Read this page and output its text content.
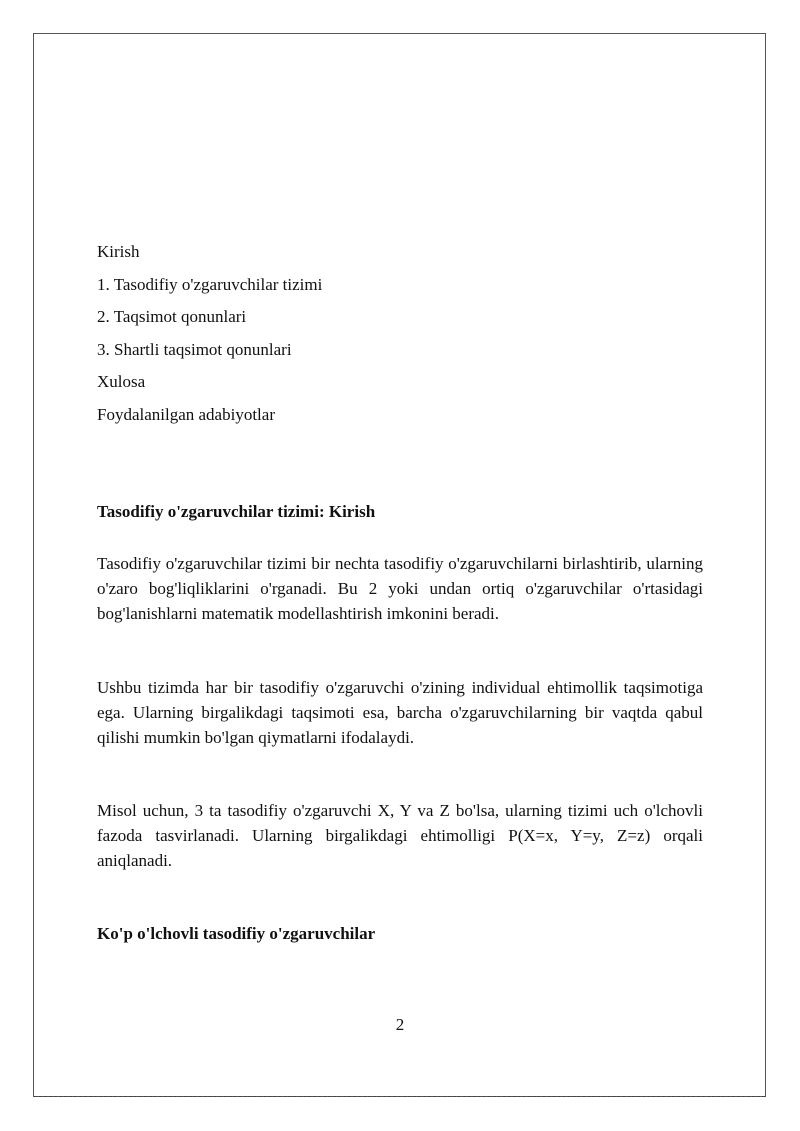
Kirish
1. Tasodifiy o'zgaruvchilar tizimi
2. Taqsimot qonunlari
3. Shartli taqsimot qonunlari
Xulosa
Foydalanilgan adabiyotlar
Tasodifiy o'zgaruvchilar tizimi: Kirish
Tasodifiy o'zgaruvchilar tizimi bir nechta tasodifiy o'zgaruvchilarni birlashtirib, ularning o'zaro bog'liqliklarini o'rganadi. Bu 2 yoki undan ortiq o'zgaruvchilar o'rtasidagi bog'lanishlarni matematik modellashtirish imkonini beradi.
Ushbu tizimda har bir tasodifiy o'zgaruvchi o'zining individual ehtimollik taqsimotiga ega. Ularning birgalikdagi taqsimoti esa, barcha o'zgaruvchilarning bir vaqtda qabul qilishi mumkin bo'lgan qiymatlarni ifodalaydi.
Misol uchun, 3 ta tasodifiy o'zgaruvchi X, Y va Z bo'lsa, ularning tizimi uch o'lchovli fazoda tasvirlanadi. Ularning birgalikdagi ehtimolligi P(X=x, Y=y, Z=z) orqali aniqlanadi.
Ko'p o'lchovli tasodifiy o'zgaruvchilar
2
